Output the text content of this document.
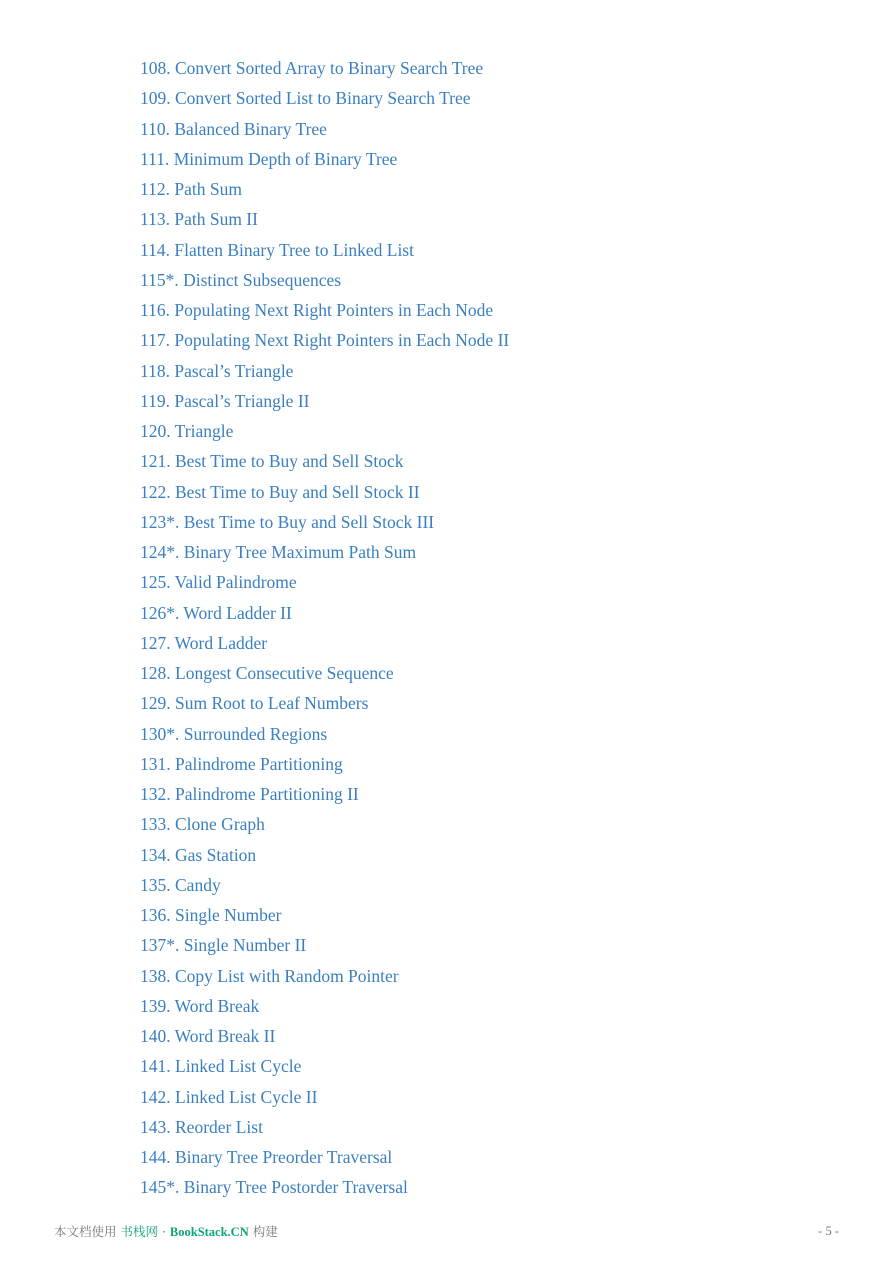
108. Convert Sorted Array to Binary Search Tree
109. Convert Sorted List to Binary Search Tree
110. Balanced Binary Tree
111. Minimum Depth of Binary Tree
112. Path Sum
113. Path Sum II
114. Flatten Binary Tree to Linked List
115*. Distinct Subsequences
116. Populating Next Right Pointers in Each Node
117. Populating Next Right Pointers in Each Node II
118. Pascal’s Triangle
119. Pascal’s Triangle II
120. Triangle
121. Best Time to Buy and Sell Stock
122. Best Time to Buy and Sell Stock II
123*. Best Time to Buy and Sell Stock III
124*. Binary Tree Maximum Path Sum
125. Valid Palindrome
126*. Word Ladder II
127. Word Ladder
128. Longest Consecutive Sequence
129. Sum Root to Leaf Numbers
130*. Surrounded Regions
131. Palindrome Partitioning
132. Palindrome Partitioning II
133. Clone Graph
134. Gas Station
135. Candy
136. Single Number
137*. Single Number II
138. Copy List with Random Pointer
139. Word Break
140. Word Break II
141. Linked List Cycle
142. Linked List Cycle II
143. Reorder List
144. Binary Tree Preorder Traversal
145*. Binary Tree Postorder Traversal
本文档使用 书栈网 · BookStack.CN 构建	- 5 -
